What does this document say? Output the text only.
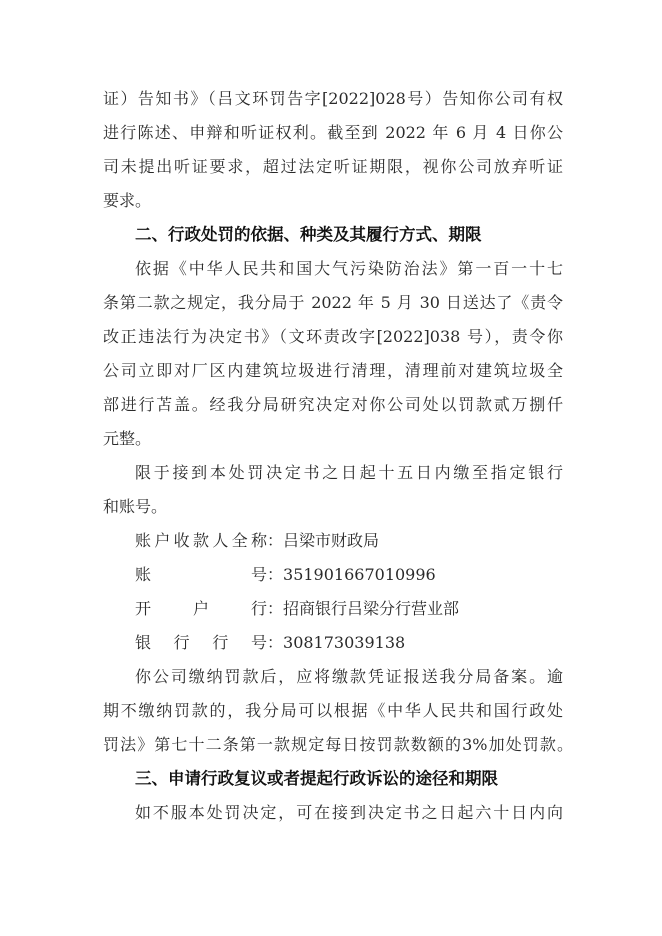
证）告知书》（吕文环罚告字[2022]028号）告知你公司有权
进行陈述、申辩和听证权利。截至到 2022 年 6 月 4 日你公
司未提出听证要求，超过法定听证期限，视你公司放弃听证
要求。
二、行政处罚的依据、种类及其履行方式、期限
依据《中华人民共和国大气污染防治法》第一百一十七
条第二款之规定，我分局于 2022 年 5 月 30 日送达了《责令
改正违法行为决定书》（文环责改字[2022]038 号），责令你
公司立即对厂区内建筑垃圾进行清理，清理前对建筑垃圾全
部进行苫盖。经我分局研究决定对你公司处以罚款贰万捌仟
元整。
限于接到本处罚决定书之日起十五日内缴至指定银行
和账号。
账户收款人全称 ： 吕梁市财政局
账号 ： 351901667010996
开户行 ： 招商银行吕梁分行营业部
银行行号 ： 308173039138
你公司缴纳罚款后，应将缴款凭证报送我分局备案。逾
期不缴纳罚款的，我分局可以根据《中华人民共和国行政处
罚法》第七十二条第一款规定每日按罚款数额的3%加处罚款。
三、申请行政复议或者提起行政诉讼的途径和期限
如不服本处罚决定，可在接到决定书之日起六十日内向
